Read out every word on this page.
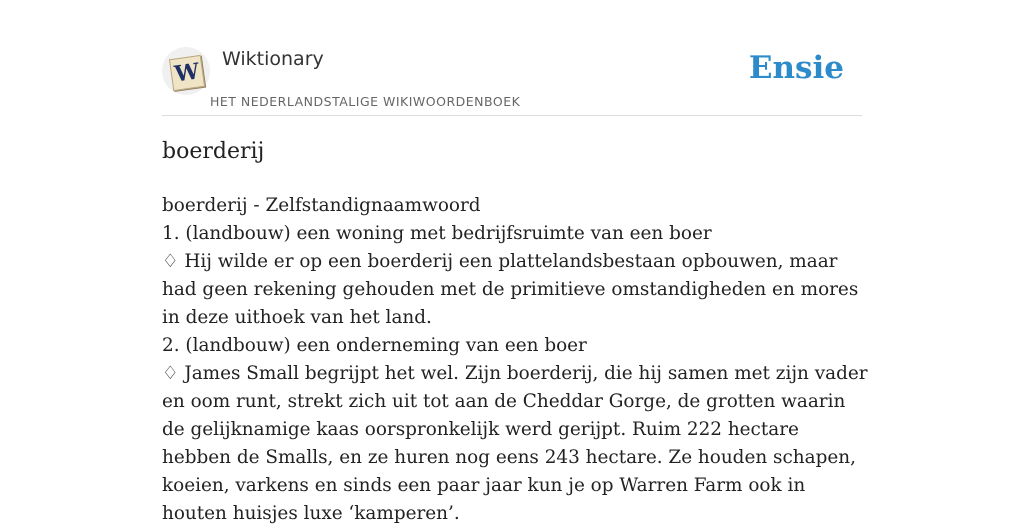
W Wiktionary
HET NEDERLANDSTALIGE WIKIWOORDENBOEK
Ensie
boerderij
boerderij - Zelfstandignaamwoord
1. (landbouw) een woning met bedrijfsruimte van een boer
♢ Hij wilde er op een boerderij een plattelandsbestaan opbouwen, maar had geen rekening gehouden met de primitieve omstandigheden en mores in deze uithoek van het land.
2. (landbouw) een onderneming van een boer
♢ James Small begrijpt het wel. Zijn boerderij, die hij samen met zijn vader en oom runt, strekt zich uit tot aan de Cheddar Gorge, de grotten waarin de gelijknamige kaas oorspronkelijk werd gerijpt. Ruim 222 hectare hebben de Smalls, en ze huren nog eens 243 hectare. Ze houden schapen, koeien, varkens en sinds een paar jaar kun je op Warren Farm ook in houten huisjes luxe ‘kamperen’.
